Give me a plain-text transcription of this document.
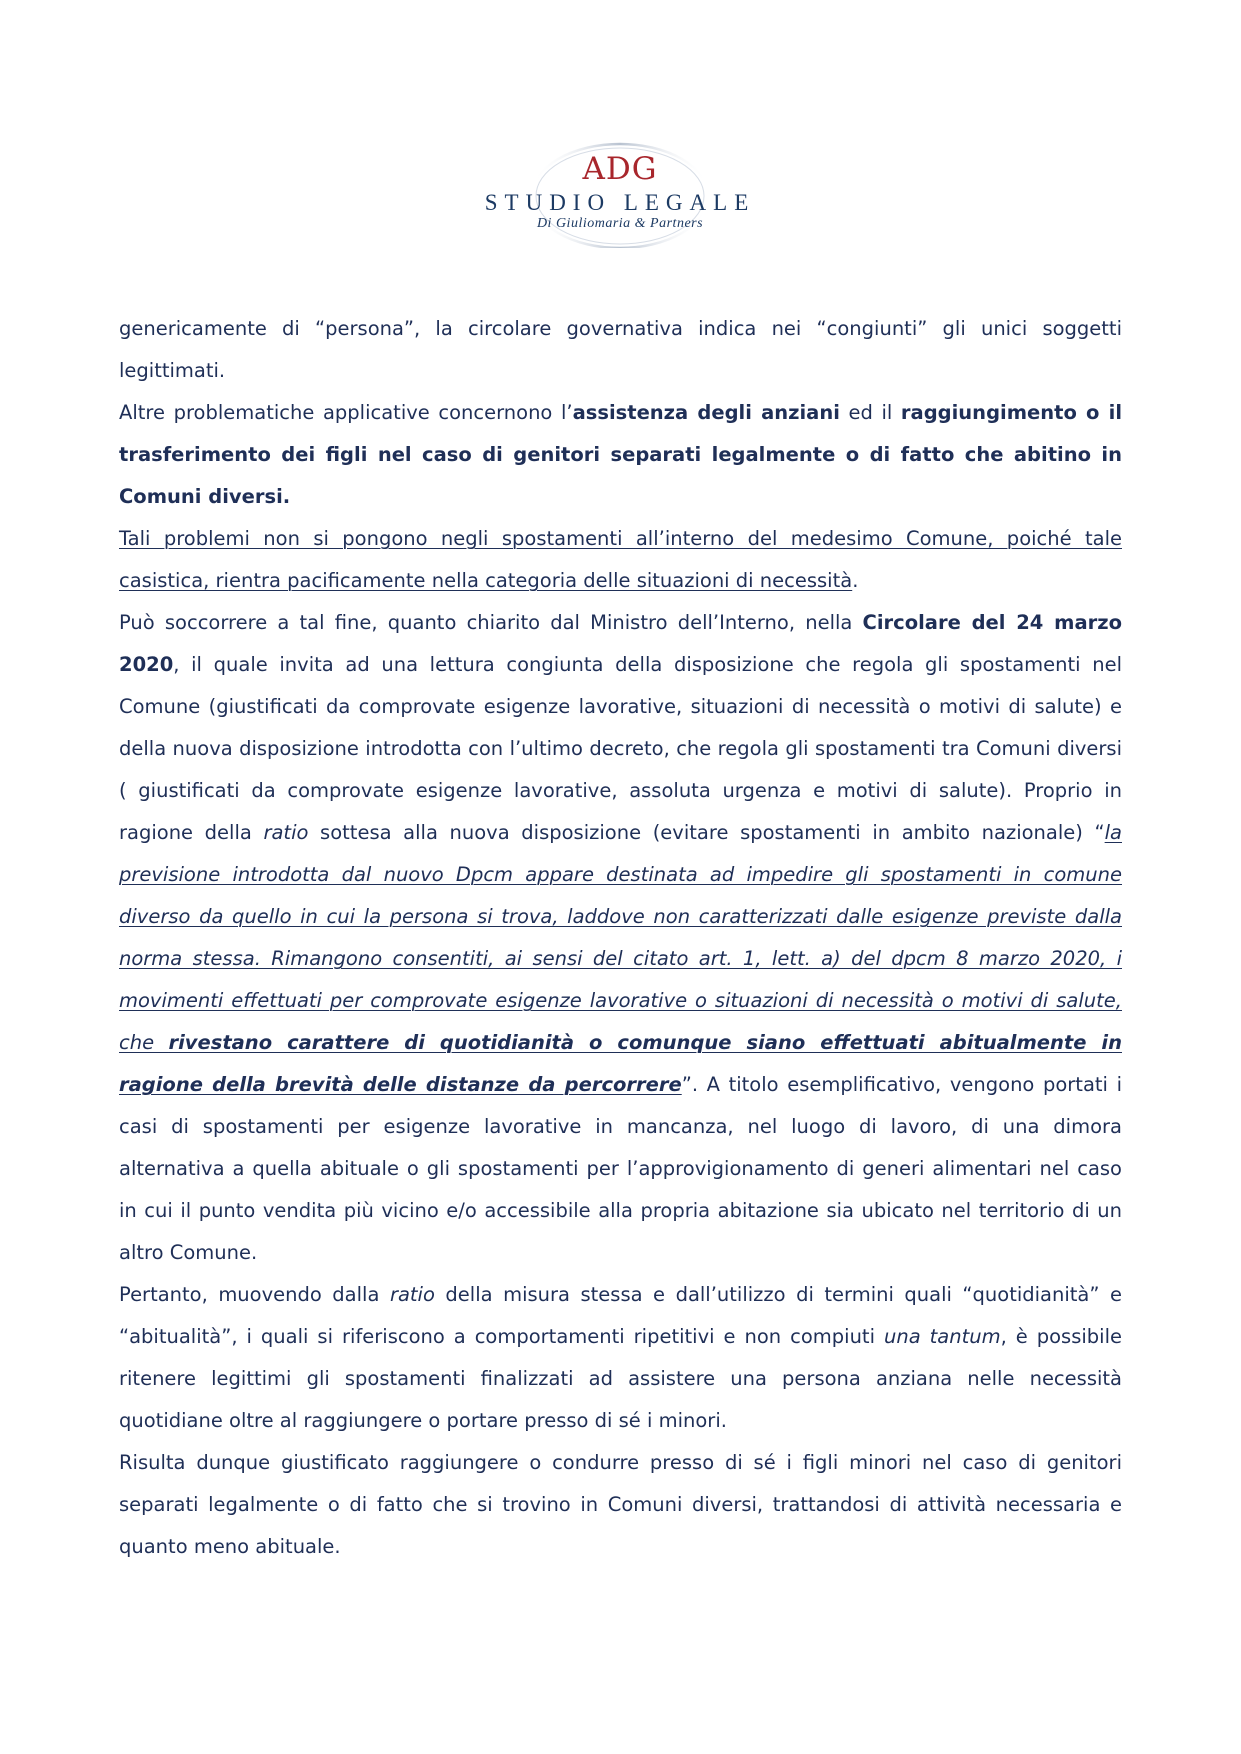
ADG
STUDIO LEGALE
Di Giuliomaria & Partners

genericamente di “persona”, la circolare governativa indica nei “congiunti” gli unici soggetti legittimati.

Altre problematiche applicative concernono l’assistenza degli anziani ed il raggiungimento o il trasferimento dei figli nel caso di genitori separati legalmente o di fatto che abitino in Comuni diversi.

Tali problemi non si pongono negli spostamenti all’interno del medesimo Comune, poiché tale casistica, rientra pacificamente nella categoria delle situazioni di necessità.

Può soccorrere a tal fine, quanto chiarito dal Ministro dell’Interno, nella Circolare del 24 marzo 2020, il quale invita ad una lettura congiunta della disposizione che regola gli spostamenti nel Comune (giustificati da comprovate esigenze lavorative, situazioni di necessità o motivi di salute) e della nuova disposizione introdotta con l’ultimo decreto, che regola gli spostamenti tra Comuni diversi ( giustificati da comprovate esigenze lavorative, assoluta urgenza e motivi di salute). Proprio in ragione della ratio sottesa alla nuova disposizione (evitare spostamenti in ambito nazionale) “la previsione introdotta dal nuovo Dpcm appare destinata ad impedire gli spostamenti in comune diverso da quello in cui la persona si trova, laddove non caratterizzati dalle esigenze previste dalla norma stessa. Rimangono consentiti, ai sensi del citato art. 1, lett. a) del dpcm 8 marzo 2020, i movimenti effettuati per comprovate esigenze lavorative o situazioni di necessità o motivi di salute, che rivestano carattere di quotidianità o comunque siano effettuati abitualmente in ragione della brevità delle distanze da percorrere”. A titolo esemplificativo, vengono portati i casi di spostamenti per esigenze lavorative in mancanza, nel luogo di lavoro, di una dimora alternativa a quella abituale o gli spostamenti per l’approvigionamento di generi alimentari nel caso in cui il punto vendita più vicino e/o accessibile alla propria abitazione sia ubicato nel territorio di un altro Comune.

Pertanto, muovendo dalla ratio della misura stessa e dall’utilizzo di termini quali “quotidianità” e “abitualità”, i quali si riferiscono a comportamenti ripetitivi e non compiuti una tantum, è possibile ritenere legittimi gli spostamenti finalizzati ad assistere una persona anziana nelle necessità quotidiane oltre al raggiungere o portare presso di sé i minori.

Risulta dunque giustificato raggiungere o condurre presso di sé i figli minori nel caso di genitori separati legalmente o di fatto che si trovino in Comuni diversi, trattandosi di attività necessaria e quanto meno abituale.
